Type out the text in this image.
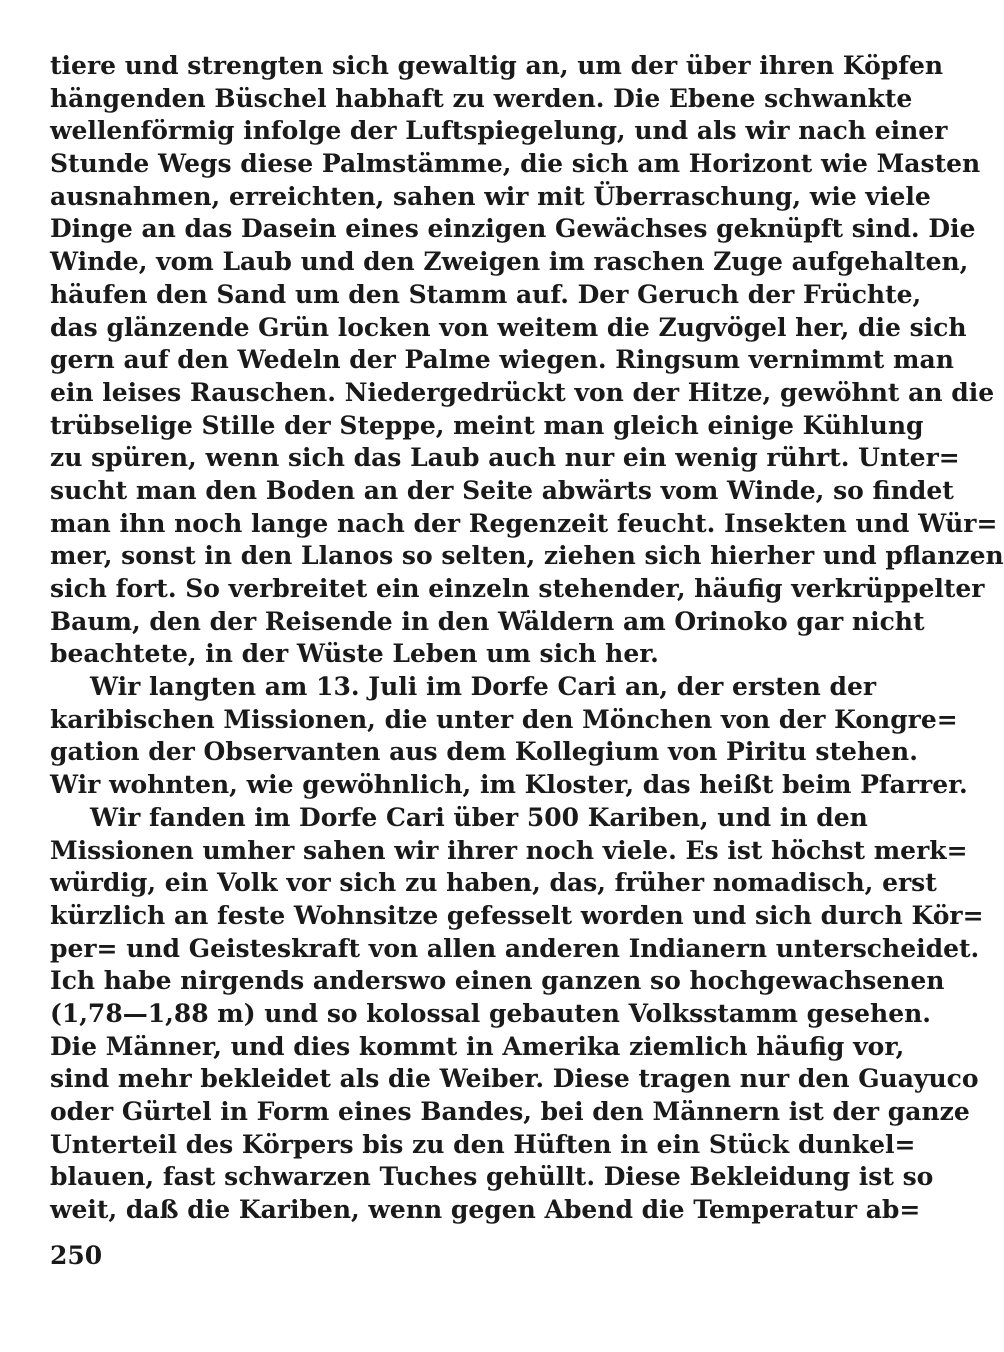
tiere und strengten sich gewaltig an, um der über ihren Köpfen
hängenden Büschel habhaft zu werden. Die Ebene schwankte
wellenförmig infolge der Luftspiegelung, und als wir nach einer
Stunde Wegs diese Palmstämme, die sich am Horizont wie Masten
ausnahmen, erreichten, sahen wir mit Überraschung, wie viele
Dinge an das Dasein eines einzigen Gewächses geknüpft sind. Die
Winde, vom Laub und den Zweigen im raschen Zuge aufgehalten,
häufen den Sand um den Stamm auf. Der Geruch der Früchte,
das glänzende Grün locken von weitem die Zugvögel her, die sich
gern auf den Wedeln der Palme wiegen. Ringsum vernimmt man
ein leises Rauschen. Niedergedrückt von der Hitze, gewöhnt an die
trübselige Stille der Steppe, meint man gleich einige Kühlung
zu spüren, wenn sich das Laub auch nur ein wenig rührt. Unter=
sucht man den Boden an der Seite abwärts vom Winde, so findet
man ihn noch lange nach der Regenzeit feucht. Insekten und Wür=
mer, sonst in den Llanos so selten, ziehen sich hierher und pflanzen
sich fort. So verbreitet ein einzeln stehender, häufig verkrüppelter
Baum, den der Reisende in den Wäldern am Orinoko gar nicht
beachtete, in der Wüste Leben um sich her.
Wir langten am 13. Juli im Dorfe Cari an, der ersten der
karibischen Missionen, die unter den Mönchen von der Kongre=
gation der Observanten aus dem Kollegium von Piritu stehen.
Wir wohnten, wie gewöhnlich, im Kloster, das heißt beim Pfarrer.
Wir fanden im Dorfe Cari über 500 Kariben, und in den
Missionen umher sahen wir ihrer noch viele. Es ist höchst merk=
würdig, ein Volk vor sich zu haben, das, früher nomadisch, erst
kürzlich an feste Wohnsitze gefesselt worden und sich durch Kör=
per= und Geisteskraft von allen anderen Indianern unterscheidet.
Ich habe nirgends anderswo einen ganzen so hochgewachsenen
(1,78—1,88 m) und so kolossal gebauten Volksstamm gesehen.
Die Männer, und dies kommt in Amerika ziemlich häufig vor,
sind mehr bekleidet als die Weiber. Diese tragen nur den Guayuco
oder Gürtel in Form eines Bandes, bei den Männern ist der ganze
Unterteil des Körpers bis zu den Hüften in ein Stück dunkel=
blauen, fast schwarzen Tuches gehüllt. Diese Bekleidung ist so
weit, daß die Kariben, wenn gegen Abend die Temperatur ab=
250
